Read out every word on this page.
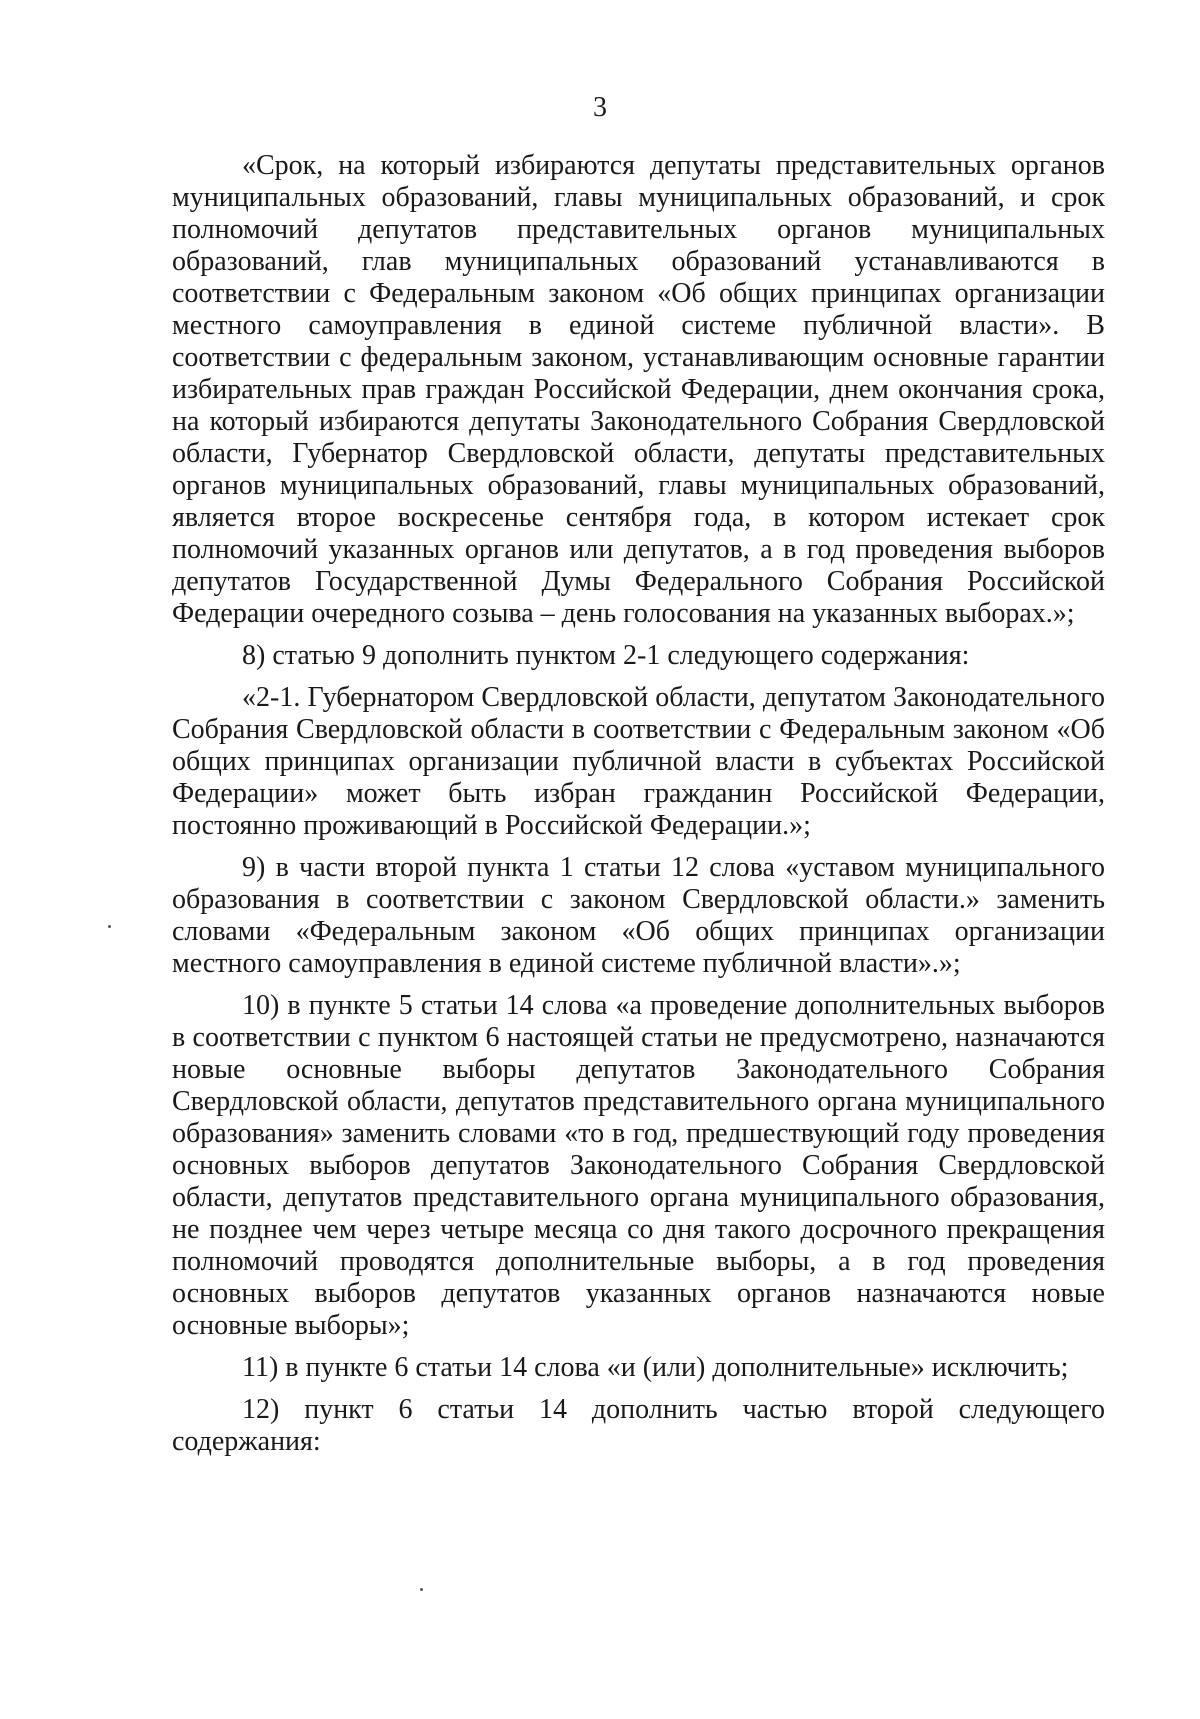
3

«Срок, на который избираются депутаты представительных органов муниципальных образований, главы муниципальных образований, и срок полномочий депутатов представительных органов муниципальных образований, глав муниципальных образований устанавливаются в соответствии с Федеральным законом «Об общих принципах организации местного самоуправления в единой системе публичной власти». В соответствии с федеральным законом, устанавливающим основные гарантии избирательных прав граждан Российской Федерации, днем окончания срока, на который избираются депутаты Законодательного Собрания Свердловской области, Губернатор Свердловской области, депутаты представительных органов муниципальных образований, главы муниципальных образований, является второе воскресенье сентября года, в котором истекает срок полномочий указанных органов или депутатов, а в год проведения выборов депутатов Государственной Думы Федерального Собрания Российской Федерации очередного созыва – день голосования на указанных выборах.»;

8) статью 9 дополнить пунктом 2-1 следующего содержания:

«2-1. Губернатором Свердловской области, депутатом Законодательного Собрания Свердловской области в соответствии с Федеральным законом «Об общих принципах организации публичной власти в субъектах Российской Федерации» может быть избран гражданин Российской Федерации, постоянно проживающий в Российской Федерации.»;

9) в части второй пункта 1 статьи 12 слова «уставом муниципального образования в соответствии с законом Свердловской области.» заменить словами «Федеральным законом «Об общих принципах организации местного самоуправления в единой системе публичной власти».»;

10) в пункте 5 статьи 14 слова «а проведение дополнительных выборов в соответствии с пунктом 6 настоящей статьи не предусмотрено, назначаются новые основные выборы депутатов Законодательного Собрания Свердловской области, депутатов представительного органа муниципального образования» заменить словами «то в год, предшествующий году проведения основных выборов депутатов Законодательного Собрания Свердловской области, депутатов представительного органа муниципального образования, не позднее чем через четыре месяца со дня такого досрочного прекращения полномочий проводятся дополнительные выборы, а в год проведения основных выборов депутатов указанных органов назначаются новые основные выборы»;

11) в пункте 6 статьи 14 слова «и (или) дополнительные» исключить;

12) пункт 6 статьи 14 дополнить частью второй следующего содержания:
